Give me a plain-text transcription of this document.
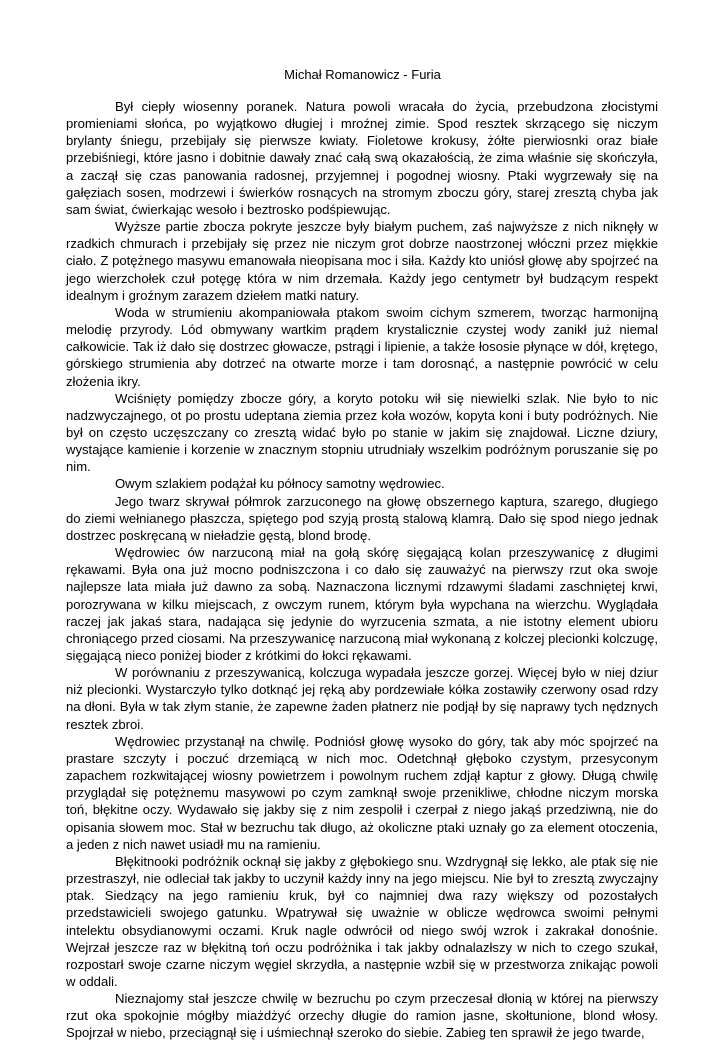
Michał Romanowicz - Furia

Był ciepły wiosenny poranek. Natura powoli wracała do życia, przebudzona złocistymi promieniami słońca, po wyjątkowo długiej i mroźnej zimie. Spod resztek skrzącego się niczym brylanty śniegu, przebijały się pierwsze kwiaty. Fioletowe krokusy, żółte pierwiosnki oraz białe przebiśniegi, które jasno i dobitnie dawały znać całą swą okazałością, że zima właśnie się skończyła, a zaczął się czas panowania radosnej, przyjemnej i pogodnej wiosny. Ptaki wygrzewały się na gałęziach sosen, modrzewi i świerków rosnących na stromym zboczu góry, starej zresztą chyba jak sam świat, ćwierkając wesoło i beztrosko podśpiewując.

Wyższe partie zbocza pokryte jeszcze były białym puchem, zaś najwyższe z nich niknęły w rzadkich chmurach i przebijały się przez nie niczym grot dobrze naostrzonej włóczni przez miękkie ciało. Z potężnego masywu emanowała nieopisana moc i siła. Każdy kto uniósł głowę aby spojrzeć na jego wierzchołek czuł potęgę która w nim drzemała. Każdy jego centymetr był budzącym respekt idealnym i groźnym zarazem dziełem matki natury.

Woda w strumieniu akompaniowała ptakom swoim cichym szmerem, tworząc harmonijną melodię przyrody. Lód obmywany wartkim prądem krystalicznie czystej wody zanikł już niemal całkowicie. Tak iż dało się dostrzec głowacze, pstrągi i lipienie, a także łososie płynące w dół, krętego, górskiego strumienia aby dotrzeć na otwarte morze i tam dorosnąć, a następnie powrócić w celu złożenia ikry.

Wciśnięty pomiędzy zbocze góry, a koryto potoku wił się niewielki szlak. Nie było to nic nadzwyczajnego, ot po prostu udeptana ziemia przez koła wozów, kopyta koni i buty podróżnych. Nie był on często uczęszczany co zresztą widać było po stanie w jakim się znajdował. Liczne dziury, wystające kamienie i korzenie w znacznym stopniu utrudniały wszelkim podróżnym poruszanie się po nim.

Owym szlakiem podążał ku północy samotny wędrowiec.

Jego twarz skrywał półmrok zarzuconego na głowę obszernego kaptura, szarego, długiego do ziemi wełnianego płaszcza, spiętego pod szyją prostą stalową klamrą. Dało się spod niego jednak dostrzec poskręcaną w nieładzie gęstą, blond brodę.

Wędrowiec ów narzuconą miał na gołą skórę sięgającą kolan przeszywanicę z długimi rękawami. Była ona już mocno podniszczona i co dało się zauważyć na pierwszy rzut oka swoje najlepsze lata miała już dawno za sobą. Naznaczona licznymi rdzawymi śladami zaschniętej krwi, porozrywana w kilku miejscach, z owczym runem, którym była wypchana na wierzchu. Wyglądała raczej jak jakaś stara, nadająca się jedynie do wyrzucenia szmata, a nie istotny element ubioru chroniącego przed ciosami. Na przeszywanicę narzuconą miał wykonaną z kolczej plecionki kolczugę, sięgającą nieco poniżej bioder z krótkimi do łokci rękawami.

W porównaniu z przeszywanicą, kolczuga wypadała jeszcze gorzej. Więcej było w niej dziur niż plecionki. Wystarczyło tylko dotknąć jej ręką aby pordzewiałe kółka zostawiły czerwony osad rdzy na dłoni. Była w tak złym stanie, że zapewne żaden płatnerz nie podjął by się naprawy tych nędznych resztek zbroi.

Wędrowiec przystanął na chwilę. Podniósł głowę wysoko do góry, tak aby móc spojrzeć na prastare szczyty i poczuć drzemiącą w nich moc. Odetchnął głęboko czystym, przesyconym zapachem rozkwitającej wiosny powietrzem i powolnym ruchem zdjął kaptur z głowy. Długą chwilę przyglądał się potężnemu masywowi po czym zamknął swoje przenikliwe, chłodne niczym morska toń, błękitne oczy. Wydawało się jakby się z nim zespolił i czerpał z niego jakąś przedziwną, nie do opisania słowem moc. Stał w bezruchu tak długo, aż okoliczne ptaki uznały go za element otoczenia, a jeden z nich nawet usiadł mu na ramieniu.

Błękitnooki podróżnik ocknął się jakby z głębokiego snu. Wzdrygnął się lekko, ale ptak się nie przestraszył, nie odleciał tak jakby to uczynił każdy inny na jego miejscu. Nie był to zresztą zwyczajny ptak. Siedzący na jego ramieniu kruk, był co najmniej dwa razy większy od pozostałych przedstawicieli swojego gatunku. Wpatrywał się uważnie w oblicze wędrowca swoimi pełnymi intelektu obsydianowymi oczami. Kruk nagle odwrócił od niego swój wzrok i zakrakał donośnie. Wejrzał jeszcze raz w błękitną toń oczu podróżnika i tak jakby odnalazłszy w nich to czego szukał, rozpostarł swoje czarne niczym węgiel skrzydła, a następnie wzbił się w przestworza znikając powoli w oddali.

Nieznajomy stał jeszcze chwilę w bezruchu po czym przeczesał dłonią w której na pierwszy rzut oka spokojnie mógłby miażdżyć orzechy długie do ramion jasne, skołtunione, blond włosy. Spojrzał w niebo, przeciągnął się i uśmiechnął szeroko do siebie. Zabieg ten sprawił że jego twarde,
